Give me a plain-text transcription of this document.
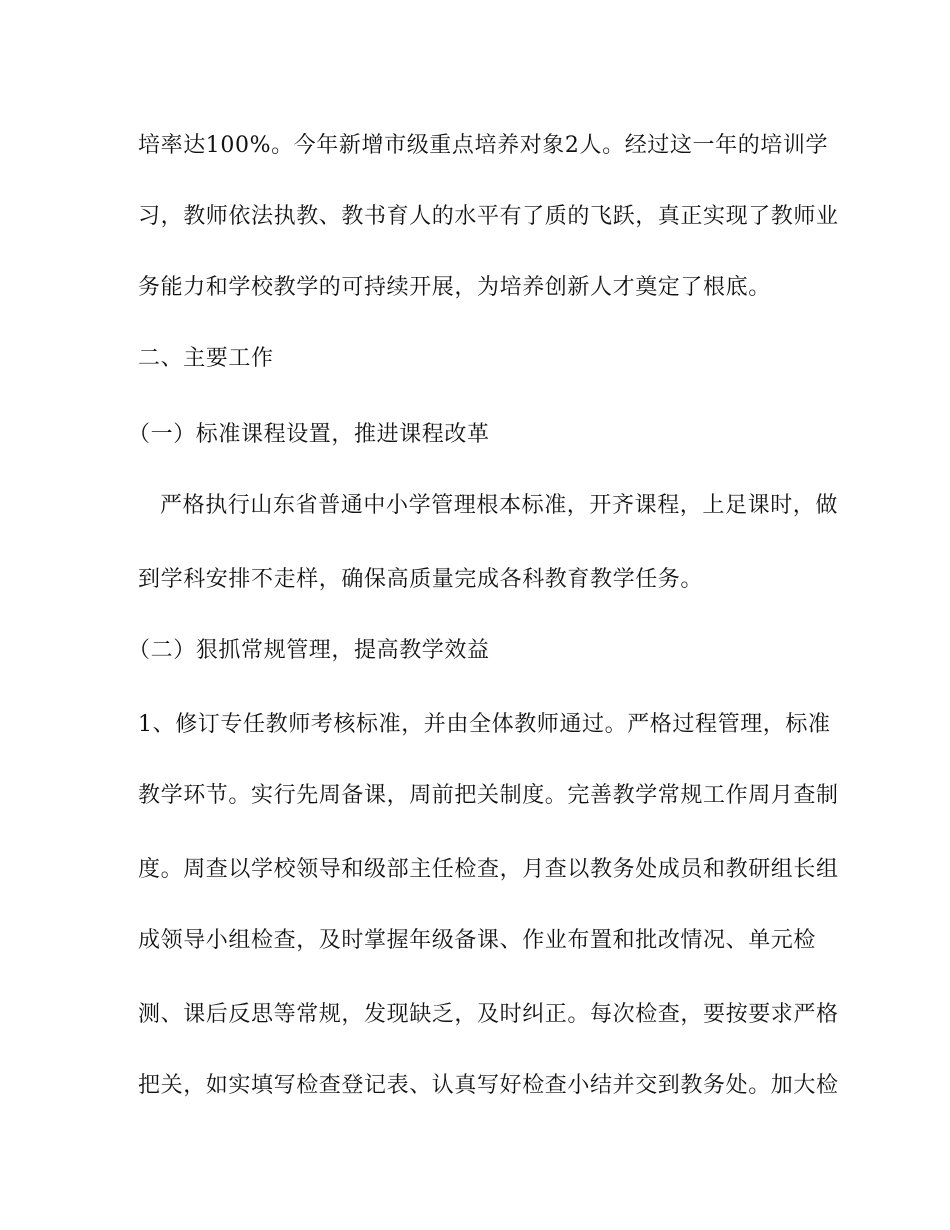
培率达100%。今年新增市级重点培养对象2人。经过这一年的培训学
习，教师依法执教、教书育人的水平有了质的飞跃，真正实现了教师业
务能力和学校教学的可持续开展，为培养创新人才奠定了根底。
二、主要工作
（一）标准课程设置，推进课程改革
严格执行山东省普通中小学管理根本标准，开齐课程，上足课时，做
到学科安排不走样，确保高质量完成各科教育教学任务。
（二）狠抓常规管理，提高教学效益
1、修订专任教师考核标准，并由全体教师通过。严格过程管理，标准
教学环节。实行先周备课，周前把关制度。完善教学常规工作周月查制
度。周查以学校领导和级部主任检查，月查以教务处成员和教研组长组
成领导小组检查，及时掌握年级备课、作业布置和批改情况、单元检
测、课后反思等常规，发现缺乏，及时纠正。每次检查，要按要求严格
把关，如实填写检查登记表、认真写好检查小结并交到教务处。加大检
